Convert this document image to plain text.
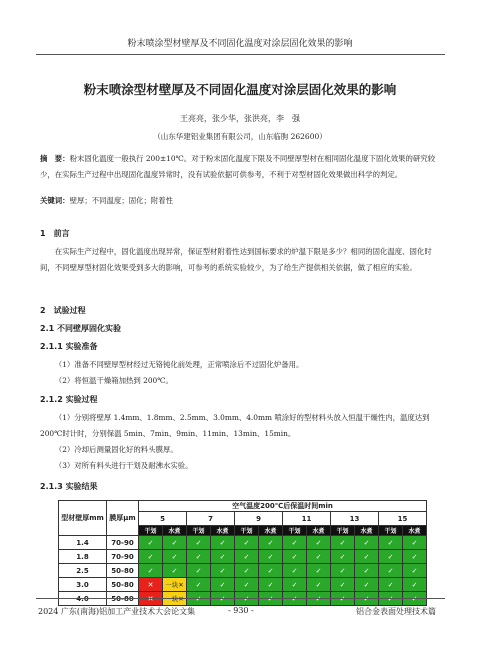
粉末喷涂型材壁厚及不同固化温度对涂层固化效果的影响
粉末喷涂型材壁厚及不同固化温度对涂层固化效果的影响
王亮亮，张少华，张洪亮，李　强
（山东华建铝业集团有限公司，山东临朐 262600）
摘　要：粉末固化温度一般执行 200±10℃。对于粉末固化温度下限及不同壁厚型材在相同固化温度下固化效果的研究较少，在实际生产过程中出现固化温度异常时，没有试验依据可供参考，不利于对型材固化效果做出科学的判定。
关键词：壁厚；不同温度；固化；附着性
1　前言
在实际生产过程中，固化温度出现异常，保证型材附着性达到国标要求的炉温下限是多少？相同的固化温度、固化时间，不同壁厚型材固化效果受到多大的影响，可参考的系统实验较少，为了给生产提供相关依据，做了相应的实验。
2　试验过程
2.1 不同壁厚固化实验
2.1.1 实验准备
（1）准备不同壁厚型材经过无铬钝化前处理，正常喷涂后不过固化炉备用。
（2）将恒温干燥箱加热到 200℃。
2.1.2 实验过程
（1）分别将壁厚 1.4mm、1.8mm、2.5mm、3.0mm、4.0mm 喷涂好的型材料头放入恒温干燥性内，温度达到 200℃时计时，分别保温 5min、7min、9min、11min、13min、15min。
（2）冷却后测量固化好的料头膜厚。
（3）对所有料头进行干划及耐沸水实验。
2.1.3 实验结果
型材壁厚mm	膜厚μm	空气温度200℃后保温时间min											
		5		7		9		11		13		15	
		干划	水煮	干划	水煮	干划	水煮	干划	水煮	干划	水煮	干划	水煮
1.4	70-90	✓	✓	✓	✓	✓	✓	✓	✓	✓	✓	✓	✓
1.8	70-90	✓	✓	✓	✓	✓	✓	✓	✓	✓	✓	✓	✓
2.5	50-80	✓	✓	✓	✓	✓	✓	✓	✓	✓	✓	✓	✓
3.0	50-80	✕	一块✕	✓	✓	✓	✓	✓	✓	✓	✓	✓	✓
4.0	50-80	✕	一块✕	✓	✓	✓	✓	✓	✓	✓	✓	✓	✓
2024 广东(南海)铝加工产业技术大会论文集	- 930 -	铝合金表面处理技术篇
